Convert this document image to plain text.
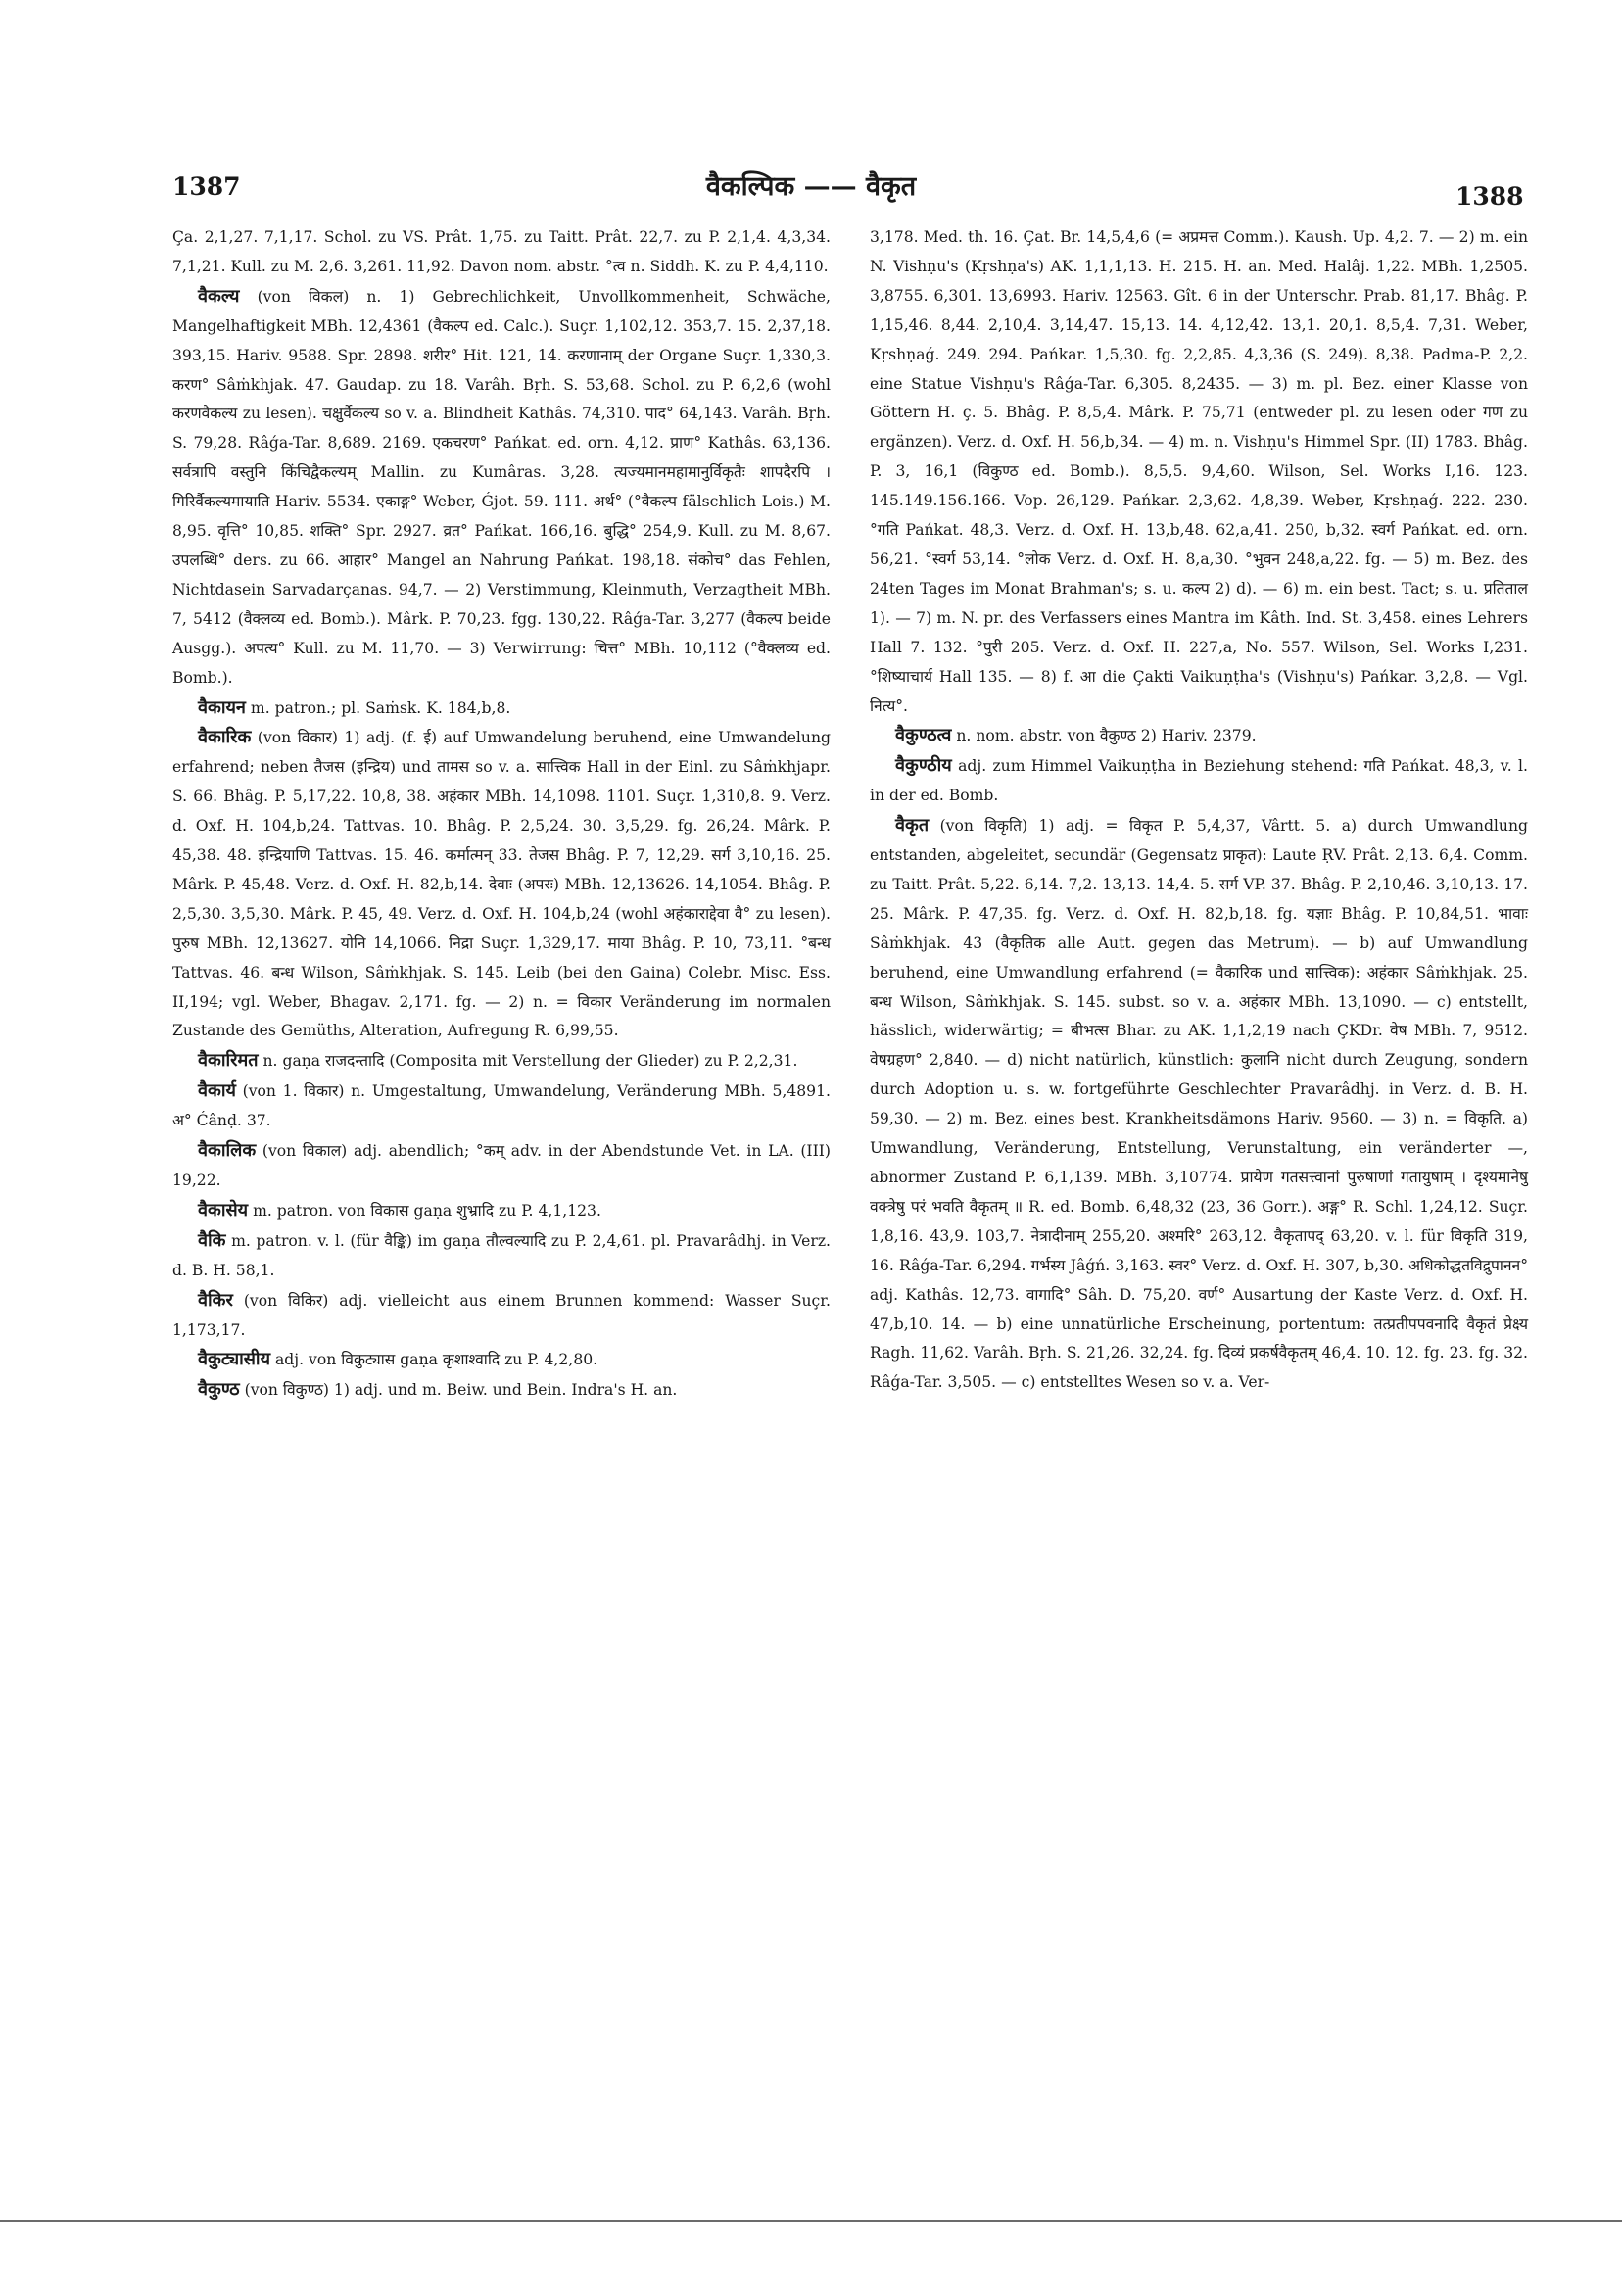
1387	वैकल्पिक —— वैकृत	1388

Ça. 2,1,27. 7,1,17. Schol. zu VS. Prât. 1,75. zu Taitt. Prât. 22,7. zu P. 2,1,4. 4,3,34. 7,1,21. Kull. zu M. 2,6. 3,261. 11,92. Davon nom. abstr. °त्व n. Siddh. K. zu P. 4,4,110.

वैकल्य (von विकल) n. 1) Gebrechlichkeit, Unvollkommenheit, Schwäche, Mangelhaftigkeit MBh. 12,4361 (वैकल्प ed. Calc.). Suçr. 1,102,12. 353,7. 15. 2,37,18. 393,15. Hariv. 9588. Spr. 2898. शरीर° Hit. 121, 14. करणानाम् der Organe Suçr. 1,330,3. करण° Sâṁkhjak. 47. Gaudap. zu 18. Varâh. Bṛh. S. 53,68. Schol. zu P. 6,2,6 (wohl करणवैकल्य zu lesen). चक्षुर्वैकल्य so v. a. Blindheit Kathâs. 74,310. पाद° 64,143. Varâh. Bṛh. S. 79,28. Râǵa-Tar. 8,689. 2169. एकचरण° Pańkat. ed. orn. 4,12. प्राण° Kathâs. 63,136. सर्वत्रापि वस्तुनि किंचिद्वैकल्यम् Mallin. zu Kumâras. 3,28. त्यज्यमानमहामानुर्विकृतैः शापदैरपि । गिरिर्वैकल्यमायाति Hariv. 5534. एकाङ्ग° Weber, Ǵjot. 59. 111. अर्थ° (°वैकल्प fälschlich Lois.) M. 8,95. वृत्ति° 10,85. शक्ति° Spr. 2927. व्रत° Pańkat. 166,16. बुद्धि° 254,9. Kull. zu M. 8,67. उपलब्धि° ders. zu 66. आहार° Mangel an Nahrung Pańkat. 198,18. संकोच° das Fehlen, Nichtdasein Sarvadarçanas. 94,7. — 2) Verstimmung, Kleinmuth, Verzagtheit MBh. 7, 5412 (वैक्लव्य ed. Bomb.). Mârk. P. 70,23. fgg. 130,22. Râǵa-Tar. 3,277 (वैकल्प beide Ausgg.). अपत्य° Kull. zu M. 11,70. — 3) Verwirrung: चित्त° MBh. 10,112 (°वैक्लव्य ed. Bomb.).

वैकायन m. patron.; pl. Saṁsk. K. 184,b,8.

वैकारिक (von विकार) 1) adj. (f. ई) auf Umwandelung beruhend, eine Umwandelung erfahrend; neben तैजस (इन्द्रिय) und तामस so v. a. सात्त्विक Hall in der Einl. zu Sâṁkhjapr. S. 66. Bhâg. P. 5,17,22. 10,8, 38. अहंकार MBh. 14,1098. 1101. Suçr. 1,310,8. 9. Verz. d. Oxf. H. 104,b,24. Tattvas. 10. Bhâg. P. 2,5,24. 30. 3,5,29. fg. 26,24. Mârk. P. 45,38. 48. इन्द्रियाणि Tattvas. 15. 46. कर्मात्मन् 33. तेजस Bhâg. P. 7, 12,29. सर्ग 3,10,16. 25. Mârk. P. 45,48. Verz. d. Oxf. H. 82,b,14. देवाः (अपरः) MBh. 12,13626. 14,1054. Bhâg. P. 2,5,30. 3,5,30. Mârk. P. 45, 49. Verz. d. Oxf. H. 104,b,24 (wohl अहंकाराद्देवा वै° zu lesen). पुरुष MBh. 12,13627. योनि 14,1066. निद्रा Suçr. 1,329,17. माया Bhâg. P. 10, 73,11. °बन्ध Tattvas. 46. बन्ध Wilson, Sâṁkhjak. S. 145. Leib (bei den Gaina) Colebr. Misc. Ess. II,194; vgl. Weber, Bhagav. 2,171. fg. — 2) n. = विकार Veränderung im normalen Zustande des Gemüths, Alteration, Aufregung R. 6,99,55.

वैकारिमत n. gaṇa राजदन्तादि (Composita mit Verstellung der Glieder) zu P. 2,2,31.

वैकार्य (von 1. विकार) n. Umgestaltung, Umwandelung, Veränderung MBh. 5,4891. अ° Ćânḍ. 37.

वैकालिक (von विकाल) adj. abendlich; °कम् adv. in der Abendstunde Vet. in LA. (III) 19,22.

वैकासेय m. patron. von विकास gaṇa शुभ्रादि zu P. 4,1,123.

वैकि m. patron. v. l. (für वैङ्कि) im gaṇa तौल्वल्यादि zu P. 2,4,61. pl. Pravarâdhj. in Verz. d. B. H. 58,1.

वैकिर (von विकिर) adj. vielleicht aus einem Brunnen kommend: Wasser Suçr. 1,173,17.

वैकुट्यासीय adj. von विकुट्यास gaṇa कृशाश्वादि zu P. 4,2,80.

वैकुण्ठ (von विकुण्ठ) 1) adj. und m. Beiw. und Bein. Indra's H. an.

3,178. Med. th. 16. Çat. Br. 14,5,4,6 (= अप्रमत्त Comm.). Kaush. Up. 4,2. 7. — 2) m. ein N. Vishṇu's (Kṛshṇa's) AK. 1,1,1,13. H. 215. H. an. Med. Halâj. 1,22. MBh. 1,2505. 3,8755. 6,301. 13,6993. Hariv. 12563. Gît. 6 in der Unterschr. Prab. 81,17. Bhâg. P. 1,15,46. 8,44. 2,10,4. 3,14,47. 15,13. 14. 4,12,42. 13,1. 20,1. 8,5,4. 7,31. Weber, Kṛshṇaǵ. 249. 294. Pańkar. 1,5,30. fg. 2,2,85. 4,3,36 (S. 249). 8,38. Padma-P. 2,2. eine Statue Vishṇu's Râǵa-Tar. 6,305. 8,2435. — 3) m. pl. Bez. einer Klasse von Göttern H. ç. 5. Bhâg. P. 8,5,4. Mârk. P. 75,71 (entweder pl. zu lesen oder गण zu ergänzen). Verz. d. Oxf. H. 56,b,34. — 4) m. n. Vishṇu's Himmel Spr. (II) 1783. Bhâg. P. 3, 16,1 (विकुण्ठ ed. Bomb.). 8,5,5. 9,4,60. Wilson, Sel. Works I,16. 123. 145.149.156.166. Vop. 26,129. Pańkar. 2,3,62. 4,8,39. Weber, Kṛshṇaǵ. 222. 230. °गति Pańkat. 48,3. Verz. d. Oxf. H. 13,b,48. 62,a,41. 250, b,32. स्वर्ग Pańkat. ed. orn. 56,21. °स्वर्ग 53,14. °लोक Verz. d. Oxf. H. 8,a,30. °भुवन 248,a,22. fg. — 5) m. Bez. des 24ten Tages im Monat Brahman's; s. u. कल्प 2) d). — 6) m. ein best. Tact; s. u. प्रतिताल 1). — 7) m. N. pr. des Verfassers eines Mantra im Kâth. Ind. St. 3,458. eines Lehrers Hall 7. 132. °पुरी 205. Verz. d. Oxf. H. 227,a, No. 557. Wilson, Sel. Works I,231. °शिष्याचार्य Hall 135. — 8) f. आ die Çakti Vaikuṇṭha's (Vishṇu's) Pańkar. 3,2,8. — Vgl. नित्य°.

वैकुण्ठत्व n. nom. abstr. von वैकुण्ठ 2) Hariv. 2379.

वैकुण्ठीय adj. zum Himmel Vaikuṇṭha in Beziehung stehend: गति Pańkat. 48,3, v. l. in der ed. Bomb.

वैकृत (von विकृति) 1) adj. = विकृत P. 5,4,37, Vârtt. 5. a) durch Umwandlung entstanden, abgeleitet, secundär (Gegensatz प्राकृत): Laute ṚV. Prât. 2,13. 6,4. Comm. zu Taitt. Prât. 5,22. 6,14. 7,2. 13,13. 14,4. 5. सर्ग VP. 37. Bhâg. P. 2,10,46. 3,10,13. 17. 25. Mârk. P. 47,35. fg. Verz. d. Oxf. H. 82,b,18. fg. यज्ञाः Bhâg. P. 10,84,51. भावाः Sâṁkhjak. 43 (वैकृतिक alle Autt. gegen das Metrum). — b) auf Umwandlung beruhend, eine Umwandlung erfahrend (= वैकारिक und सात्त्विक): अहंकार Sâṁkhjak. 25. बन्ध Wilson, Sâṁkhjak. S. 145. subst. so v. a. अहंकार MBh. 13,1090. — c) entstellt, hässlich, widerwärtig; = बीभत्स Bhar. zu AK. 1,1,2,19 nach ÇKDr. वेष MBh. 7, 9512. वेषग्रहण° 2,840. — d) nicht natürlich, künstlich: कुलानि nicht durch Zeugung, sondern durch Adoption u. s. w. fortgeführte Geschlechter Pravarâdhj. in Verz. d. B. H. 59,30. — 2) m. Bez. eines best. Krankheitsdämons Hariv. 9560. — 3) n. = विकृति. a) Umwandlung, Veränderung, Entstellung, Verunstaltung, ein veränderter —, abnormer Zustand P. 6,1,139. MBh. 3,10774. प्रायेण गतसत्त्वानां पुरुषाणां गतायुषाम् । दृश्यमानेषु वक्त्रेषु परं भवति वैकृतम् ॥ R. ed. Bomb. 6,48,32 (23, 36 Gorr.). अङ्ग° R. Schl. 1,24,12. Suçr. 1,8,16. 43,9. 103,7. नेत्रादीनाम् 255,20. अश्मरि° 263,12. वैकृतापद् 63,20. v. l. für विकृति 319, 16. Râǵa-Tar. 6,294. गर्भस्य Jâǵń. 3,163. स्वर° Verz. d. Oxf. H. 307, b,30. अधिकोद्धतविद्रुपानन° adj. Kathâs. 12,73. वागादि° Sâh. D. 75,20. वर्ण° Ausartung der Kaste Verz. d. Oxf. H. 47,b,10. 14. — b) eine unnatürliche Erscheinung, portentum: तत्प्रतीपपवनादि वैकृतं प्रेक्ष्य Ragh. 11,62. Varâh. Bṛh. S. 21,26. 32,24. fg. दिव्यं प्रकर्षवैकृतम् 46,4. 10. 12. fg. 23. fg. 32. Râǵa-Tar. 3,505. — c) entstelltes Wesen so v. a. Ver-
